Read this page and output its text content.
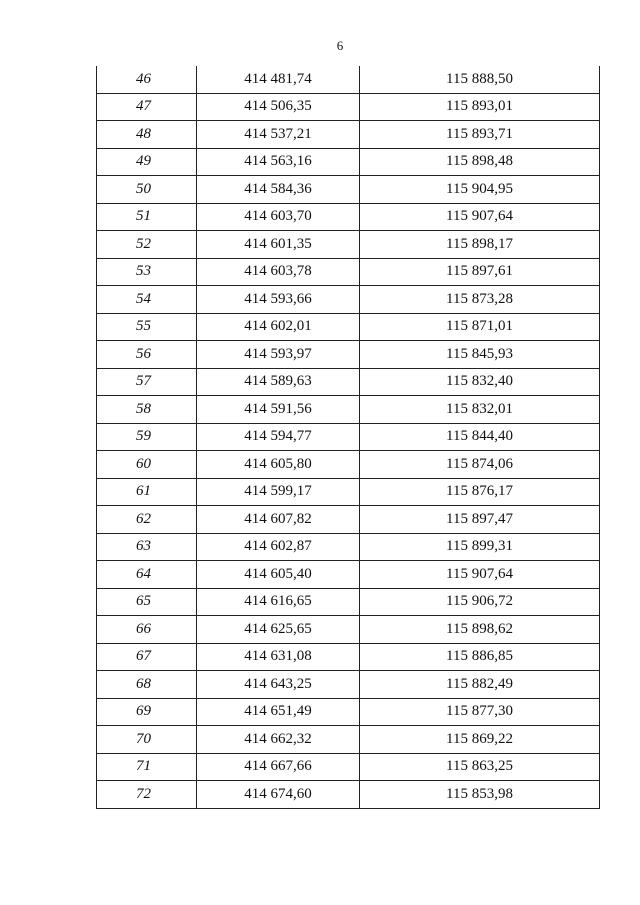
6
46	414 481,74	115 888,50
47	414 506,35	115 893,01
48	414 537,21	115 893,71
49	414 563,16	115 898,48
50	414 584,36	115 904,95
51	414 603,70	115 907,64
52	414 601,35	115 898,17
53	414 603,78	115 897,61
54	414 593,66	115 873,28
55	414 602,01	115 871,01
56	414 593,97	115 845,93
57	414 589,63	115 832,40
58	414 591,56	115 832,01
59	414 594,77	115 844,40
60	414 605,80	115 874,06
61	414 599,17	115 876,17
62	414 607,82	115 897,47
63	414 602,87	115 899,31
64	414 605,40	115 907,64
65	414 616,65	115 906,72
66	414 625,65	115 898,62
67	414 631,08	115 886,85
68	414 643,25	115 882,49
69	414 651,49	115 877,30
70	414 662,32	115 869,22
71	414 667,66	115 863,25
72	414 674,60	115 853,98
